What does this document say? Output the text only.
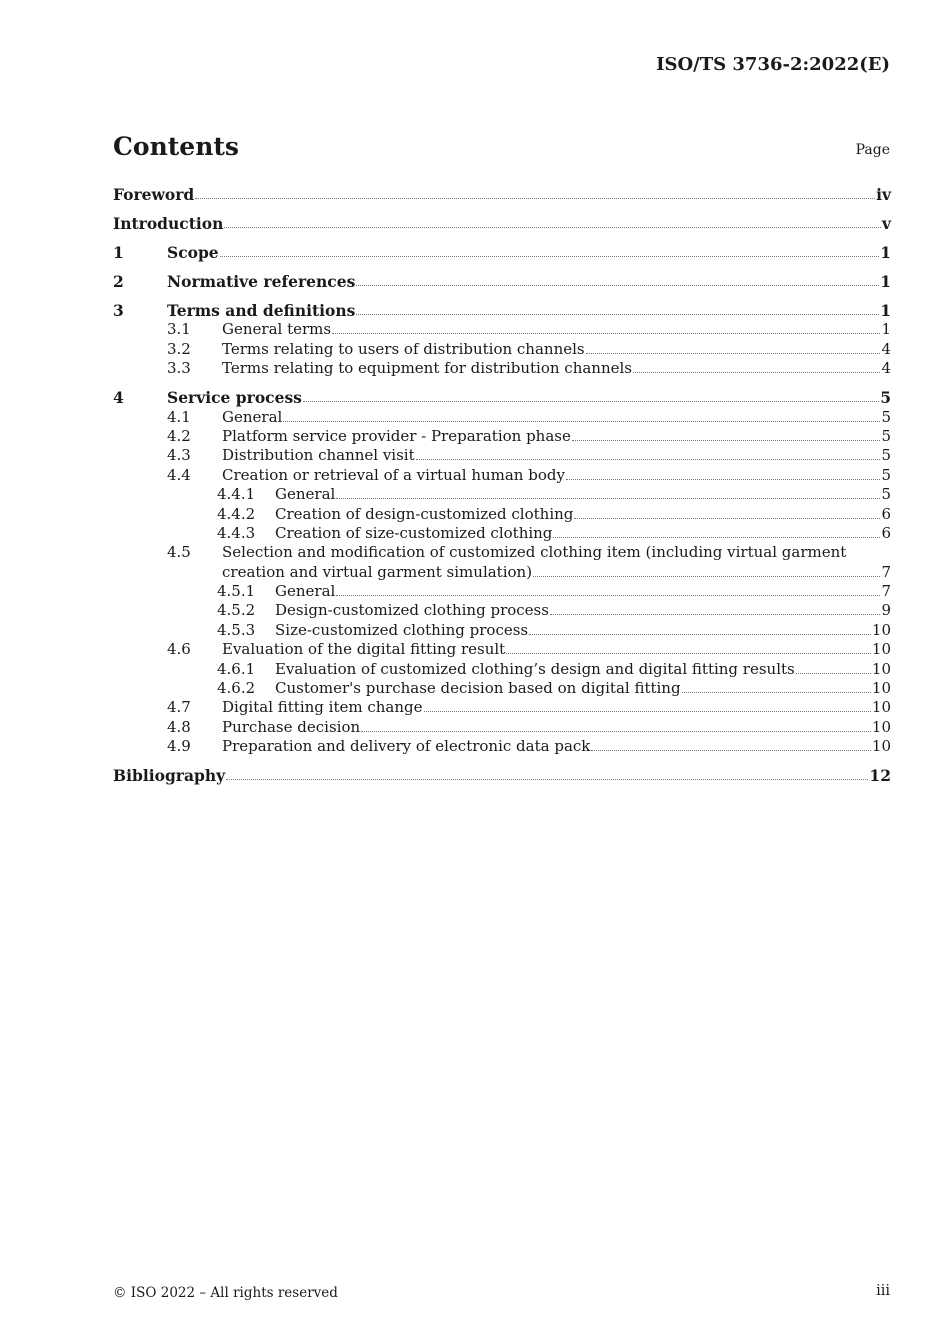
ISO/TS 3736-2:2022(E)
Contents	Page
Foreword	iv
Introduction	v
1	Scope	1
2	Normative references	1
3	Terms and definitions	1
3.1	General terms	1
3.2	Terms relating to users of distribution channels	4
3.3	Terms relating to equipment for distribution channels	4
4	Service process	5
4.1	General	5
4.2	Platform service provider - Preparation phase	5
4.3	Distribution channel visit	5
4.4	Creation or retrieval of a virtual human body	5
4.4.1	General	5
4.4.2	Creation of design-customized clothing	6
4.4.3	Creation of size-customized clothing	6
4.5	Selection and modification of customized clothing item (including virtual garment
creation and virtual garment simulation)	7
4.5.1	General	7
4.5.2	Design-customized clothing process	9
4.5.3	Size-customized clothing process	10
4.6	Evaluation of the digital fitting result	10
4.6.1	Evaluation of customized clothing’s design and digital fitting results	10
4.6.2	Customer's purchase decision based on digital fitting	10
4.7	Digital fitting item change	10
4.8	Purchase decision	10
4.9	Preparation and delivery of electronic data pack	10
Bibliography	12
© ISO 2022 – All rights reserved	iii
